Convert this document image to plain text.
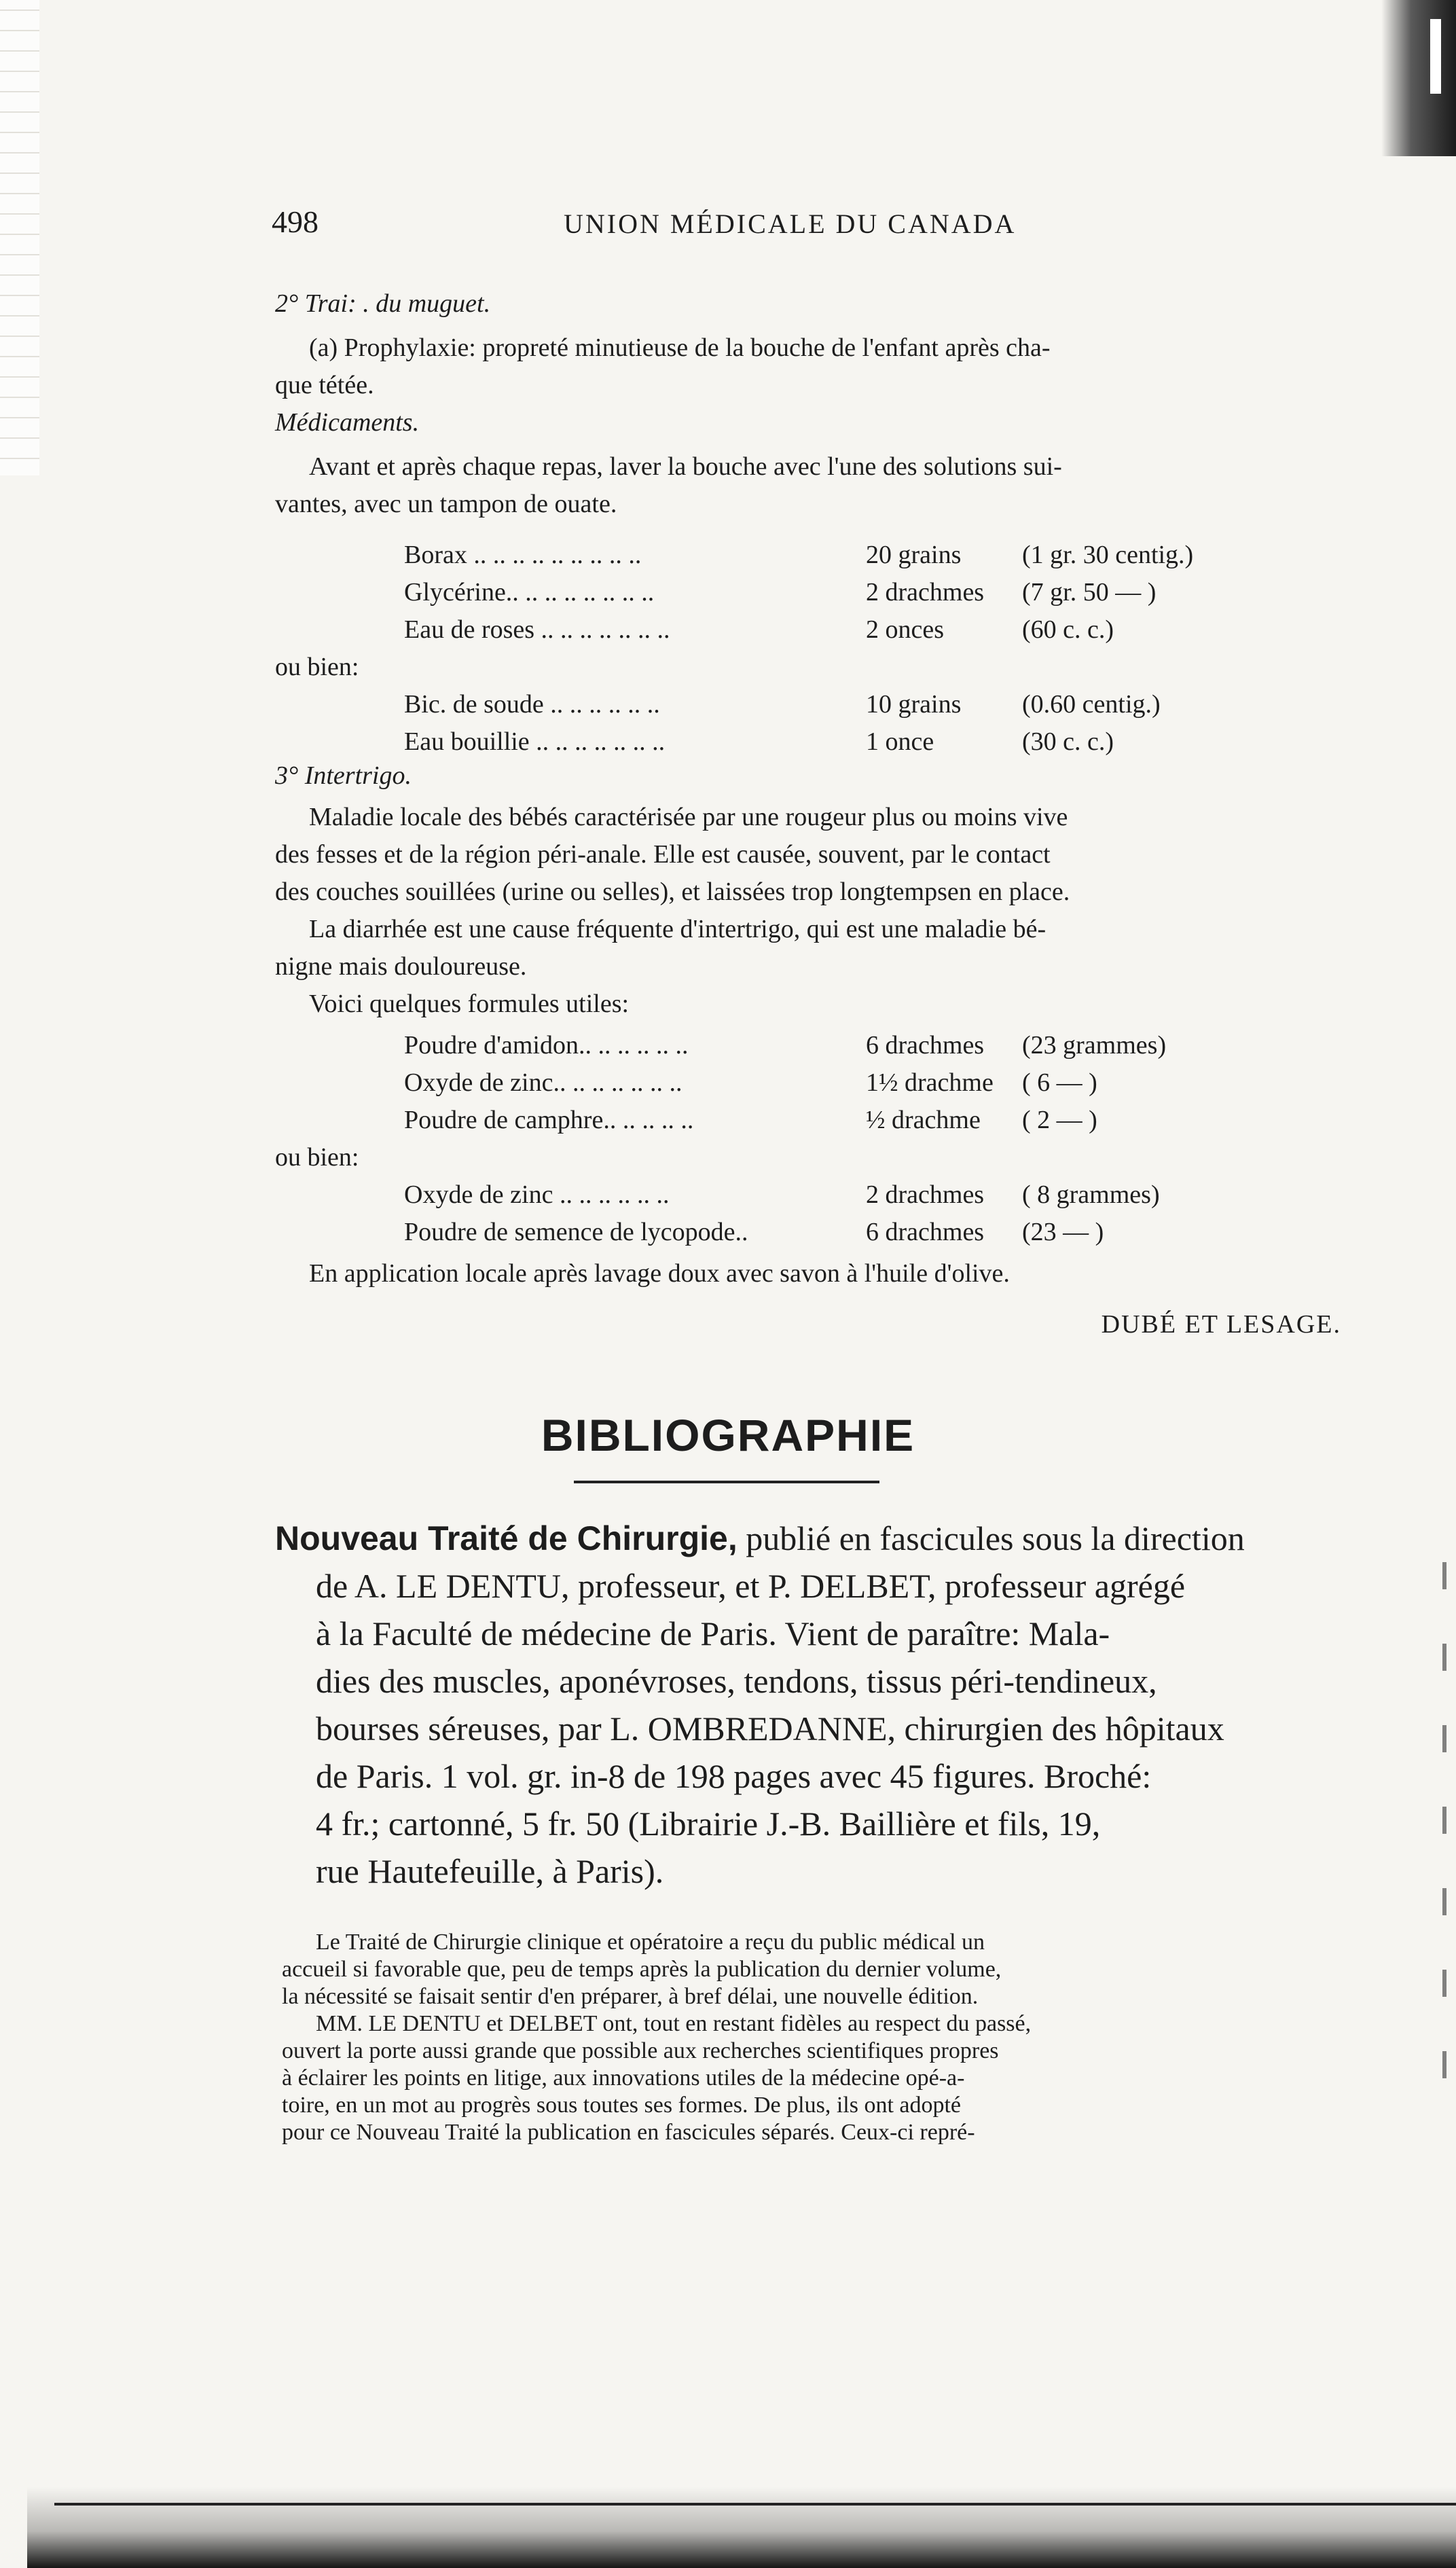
498	UNION MÉDICALE DU CANADA
2° Trai: . du muguet.
(a) Prophylaxie: propreté minutieuse de la bouche de l'enfant après cha-
que tétée.
Médicaments.
Avant et après chaque repas, laver la bouche avec l'une des solutions sui-
vantes, avec un tampon de ouate.
Borax .. .. .. .. .. .. .. .. ..	20 grains (1 gr. 30 centig.)
Glycérine.. .. .. .. .. .. .. ..	2 drachmes (7 gr. 50 — )
Eau de roses .. .. .. .. .. .. ..	2 onces	(60 c. c.)
ou bien:
Bic. de soude .. .. .. .. .. ..	10 grains (0.60 centig.)
Eau bouillie .. .. .. .. .. .. ..	1 once	(30 c. c.)
3° Intertrigo.
Maladie locale des bébés caractérisée par une rougeur plus ou moins vive
des fesses et de la région péri-anale. Elle est causée, souvent, par le contact
des couches souillées (urine ou selles), et laissées trop longtempsen en place.
La diarrhée est une cause fréquente d'intertrigo, qui est une maladie bé-
nigne mais douloureuse.
Voici quelques formules utiles:
Poudre d'amidon.. .. .. .. .. ..	6 drachmes (23 grammes)
Oxyde de zinc.. .. .. .. .. .. ..	1½ drachme ( 6 — )
Poudre de camphre.. .. .. .. ..	½ drachme ( 2 — )
ou bien:
Oxyde de zinc .. .. .. .. .. ..	2 drachmes ( 8 grammes)
Poudre de semence de lycopode..	6 drachmes (23 — )
En application locale après lavage doux avec savon à l'huile d'olive.
DUBÉ ET LESAGE.
BIBLIOGRAPHIE
Nouveau Traité de Chirurgie, publié en fascicules sous la direction
de A. LE DENTU, professeur, et P. DELBET, professeur agrégé
à la Faculté de médecine de Paris. Vient de paraître: Mala-
dies des muscles, aponévroses, tendons, tissus péri-tendineux,
bourses séreuses, par L. OMBREDANNE, chirurgien des hôpitaux
de Paris. 1 vol. gr. in-8 de 198 pages avec 45 figures. Broché:
4 fr.; cartonné, 5 fr. 50 (Librairie J.-B. Baillière et fils, 19,
rue Hautefeuille, à Paris).
Le Traité de Chirurgie clinique et opératoire a reçu du public médical un
accueil si favorable que, peu de temps après la publication du dernier volume,
la nécessité se faisait sentir d'en préparer, à bref délai, une nouvelle édition.
MM. LE DENTU et DELBET ont, tout en restant fidèles au respect du passé,
ouvert la porte aussi grande que possible aux recherches scientifiques propres
à éclairer les points en litige, aux innovations utiles de la médecine opé-a-
toire, en un mot au progrès sous toutes ses formes. De plus, ils ont adopté
pour ce Nouveau Traité la publication en fascicules séparés. Ceux-ci repré-
